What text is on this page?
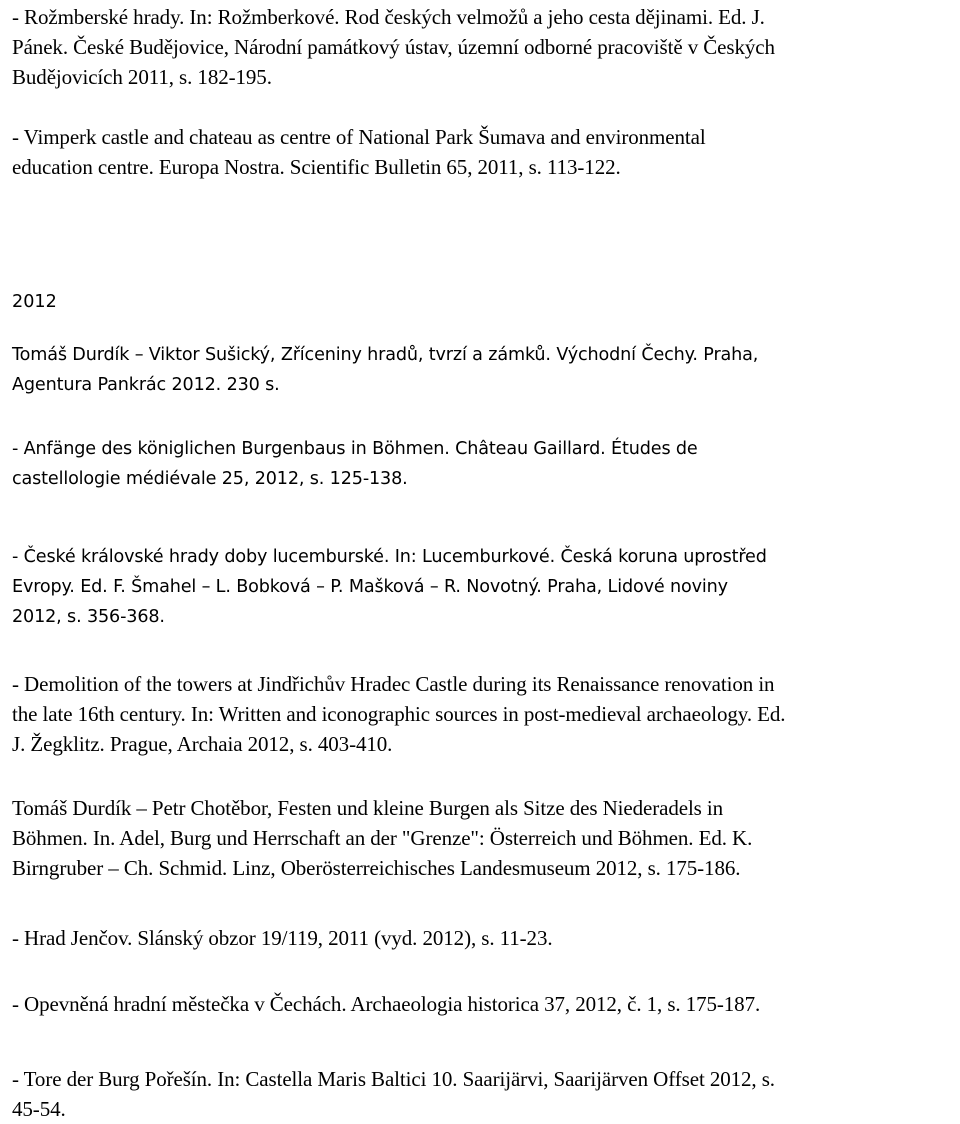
- Rožmberské hrady. In: Rožmberkové. Rod českých velmožů a jeho cesta dějinami. Ed. J.
Pánek. České Budějovice, Národní památkový ústav, územní odborné pracoviště v Českých
Budějovicích 2011, s. 182-195.
- Vimperk castle and chateau as centre of National Park Šumava and environmental
education centre. Europa Nostra. Scientific Bulletin 65, 2011, s. 113-122.
2012
Tomáš Durdík – Viktor Sušický, Zříceniny hradů, tvrzí a zámků. Východní Čechy. Praha,
Agentura Pankrác 2012. 230 s.
- Anfänge des königlichen Burgenbaus in Böhmen. Château Gaillard. Études de
castellologie médiévale 25, 2012, s. 125-138.
- České královské hrady doby lucemburské. In: Lucemburkové. Česká koruna uprostřed
Evropy. Ed. F. Šmahel – L. Bobková – P. Mašková – R. Novotný. Praha, Lidové noviny
2012, s. 356-368.
- Demolition of the towers at Jindřichův Hradec Castle during its Renaissance renovation in
the late 16th century. In: Written and iconographic sources in post-medieval archaeology. Ed.
J. Žegklitz. Prague, Archaia 2012, s. 403-410.
Tomáš Durdík – Petr Chotěbor, Festen und kleine Burgen als Sitze des Niederadels in
Böhmen. In. Adel, Burg und Herrschaft an der "Grenze": Österreich und Böhmen. Ed. K.
Birngruber – Ch. Schmid. Linz, Oberösterreichisches Landesmuseum 2012, s. 175-186.
- Hrad Jenčov. Slánský obzor 19/119, 2011 (vyd. 2012), s. 11-23.
- Opevněná hradní městečka v Čechách. Archaeologia historica 37, 2012, č. 1, s. 175-187.
- Tore der Burg Pořešín. In: Castella Maris Baltici 10. Saarijärvi, Saarijärven Offset 2012, s.
45-54.
